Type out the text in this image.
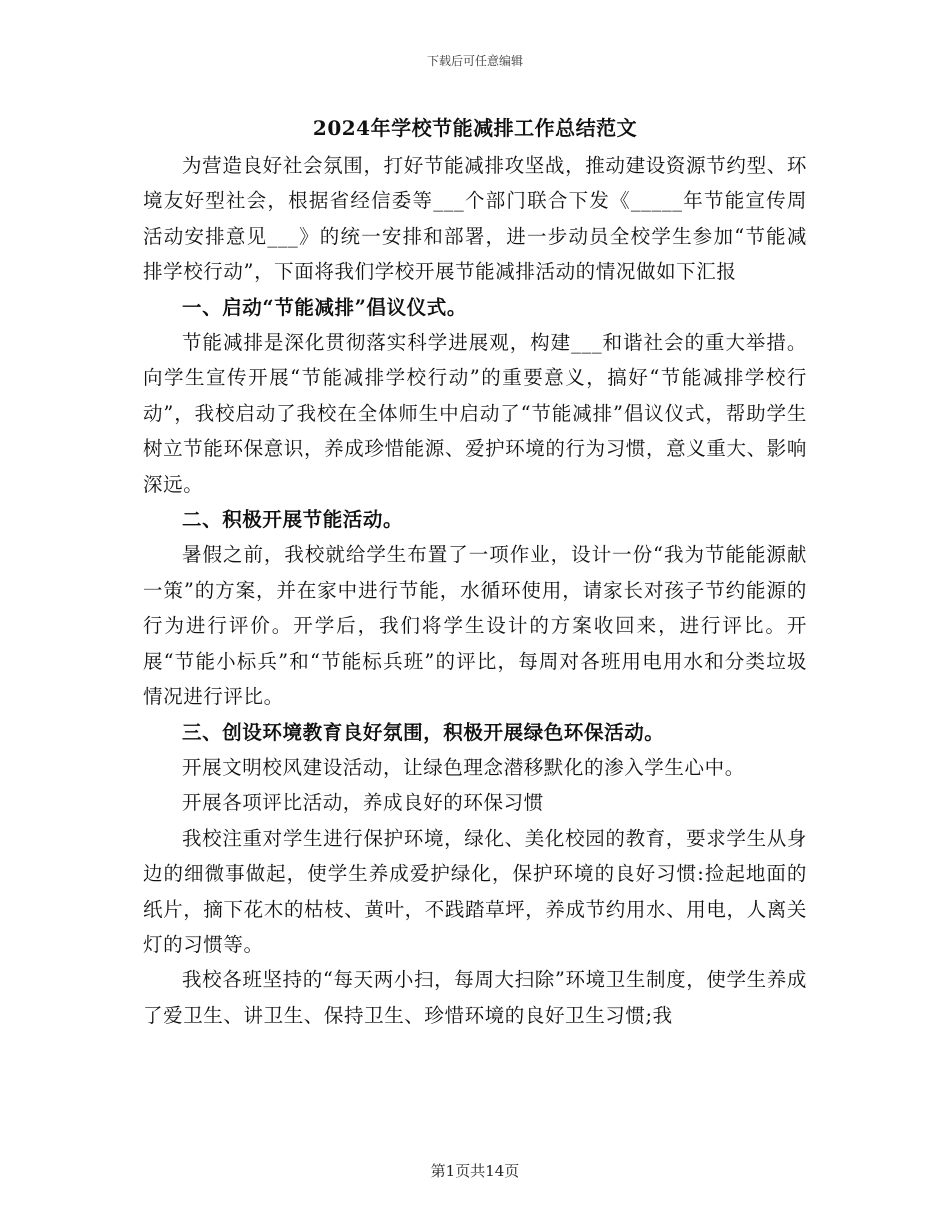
下载后可任意编辑
2024年学校节能减排工作总结范文

为营造良好社会氛围，打好节能减排攻坚战，推动建设资源节约型、环境友好型社会，根据省经信委等___个部门联合下发《_____年节能宣传周活动安排意见___》的统一安排和部署，进一步动员全校学生参加“节能减排学校行动”，下面将我们学校开展节能减排活动的情况做如下汇报

一、启动“节能减排”倡议仪式。

节能减排是深化贯彻落实科学进展观，构建___和谐社会的重大举措。向学生宣传开展“节能减排学校行动”的重要意义，搞好“节能减排学校行动”，我校启动了我校在全体师生中启动了“节能减排”倡议仪式，帮助学生树立节能环保意识，养成珍惜能源、爱护环境的行为习惯，意义重大、影响深远。

二、积极开展节能活动。

暑假之前，我校就给学生布置了一项作业，设计一份“我为节能能源献一策”的方案，并在家中进行节能，水循环使用，请家长对孩子节约能源的行为进行评价。开学后，我们将学生设计的方案收回来，进行评比。开展“节能小标兵”和“节能标兵班”的评比，每周对各班用电用水和分类垃圾情况进行评比。

三、创设环境教育良好氛围，积极开展绿色环保活动。

开展文明校风建设活动，让绿色理念潜移默化的渗入学生心中。

开展各项评比活动，养成良好的环保习惯

我校注重对学生进行保护环境，绿化、美化校园的教育，要求学生从身边的细微事做起，使学生养成爱护绿化，保护环境的良好习惯:捡起地面的纸片，摘下花木的枯枝、黄叶，不践踏草坪，养成节约用水、用电，人离关灯的习惯等。

我校各班坚持的“每天两小扫，每周大扫除”环境卫生制度，使学生养成了爱卫生、讲卫生、保持卫生、珍惜环境的良好卫生习惯;我

第1页共14页
